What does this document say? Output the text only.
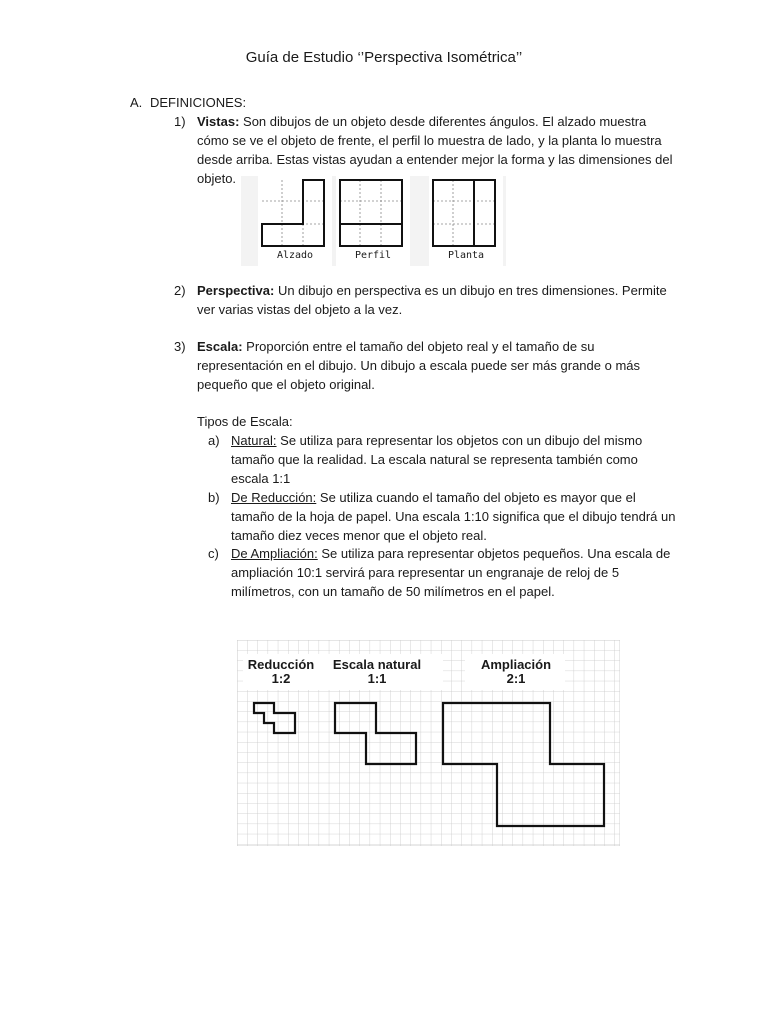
Guía de Estudio ‘’Perspectiva Isométrica’’
A. DEFINICIONES:
1) Vistas: Son dibujos de un objeto desde diferentes ángulos. El alzado muestra cómo se ve el objeto de frente, el perfil lo muestra de lado, y la planta lo muestra desde arriba. Estas vistas ayudan a entender mejor la forma y las dimensiones del objeto.
Alzado	Perfil	Planta
2) Perspectiva: Un dibujo en perspectiva es un dibujo en tres dimensiones. Permite ver varias vistas del objeto a la vez.
3) Escala: Proporción entre el tamaño del objeto real y el tamaño de su representación en el dibujo. Un dibujo a escala puede ser más grande o más pequeño que el objeto original.
Tipos de Escala:
a) Natural: Se utiliza para representar los objetos con un dibujo del mismo tamaño que la realidad. La escala natural se representa también como escala 1:1
b) De Reducción: Se utiliza cuando el tamaño del objeto es mayor que el tamaño de la hoja de papel. Una escala 1:10 significa que el dibujo tendrá un tamaño diez veces menor que el objeto real.
c) De Ampliación: Se utiliza para representar objetos pequeños. Una escala de ampliación 10:1 servirá para representar un engranaje de reloj de 5 milímetros, con un tamaño de 50 milímetros en el papel.
Reducción
1:2
Escala natural
1:1
Ampliación
2:1
